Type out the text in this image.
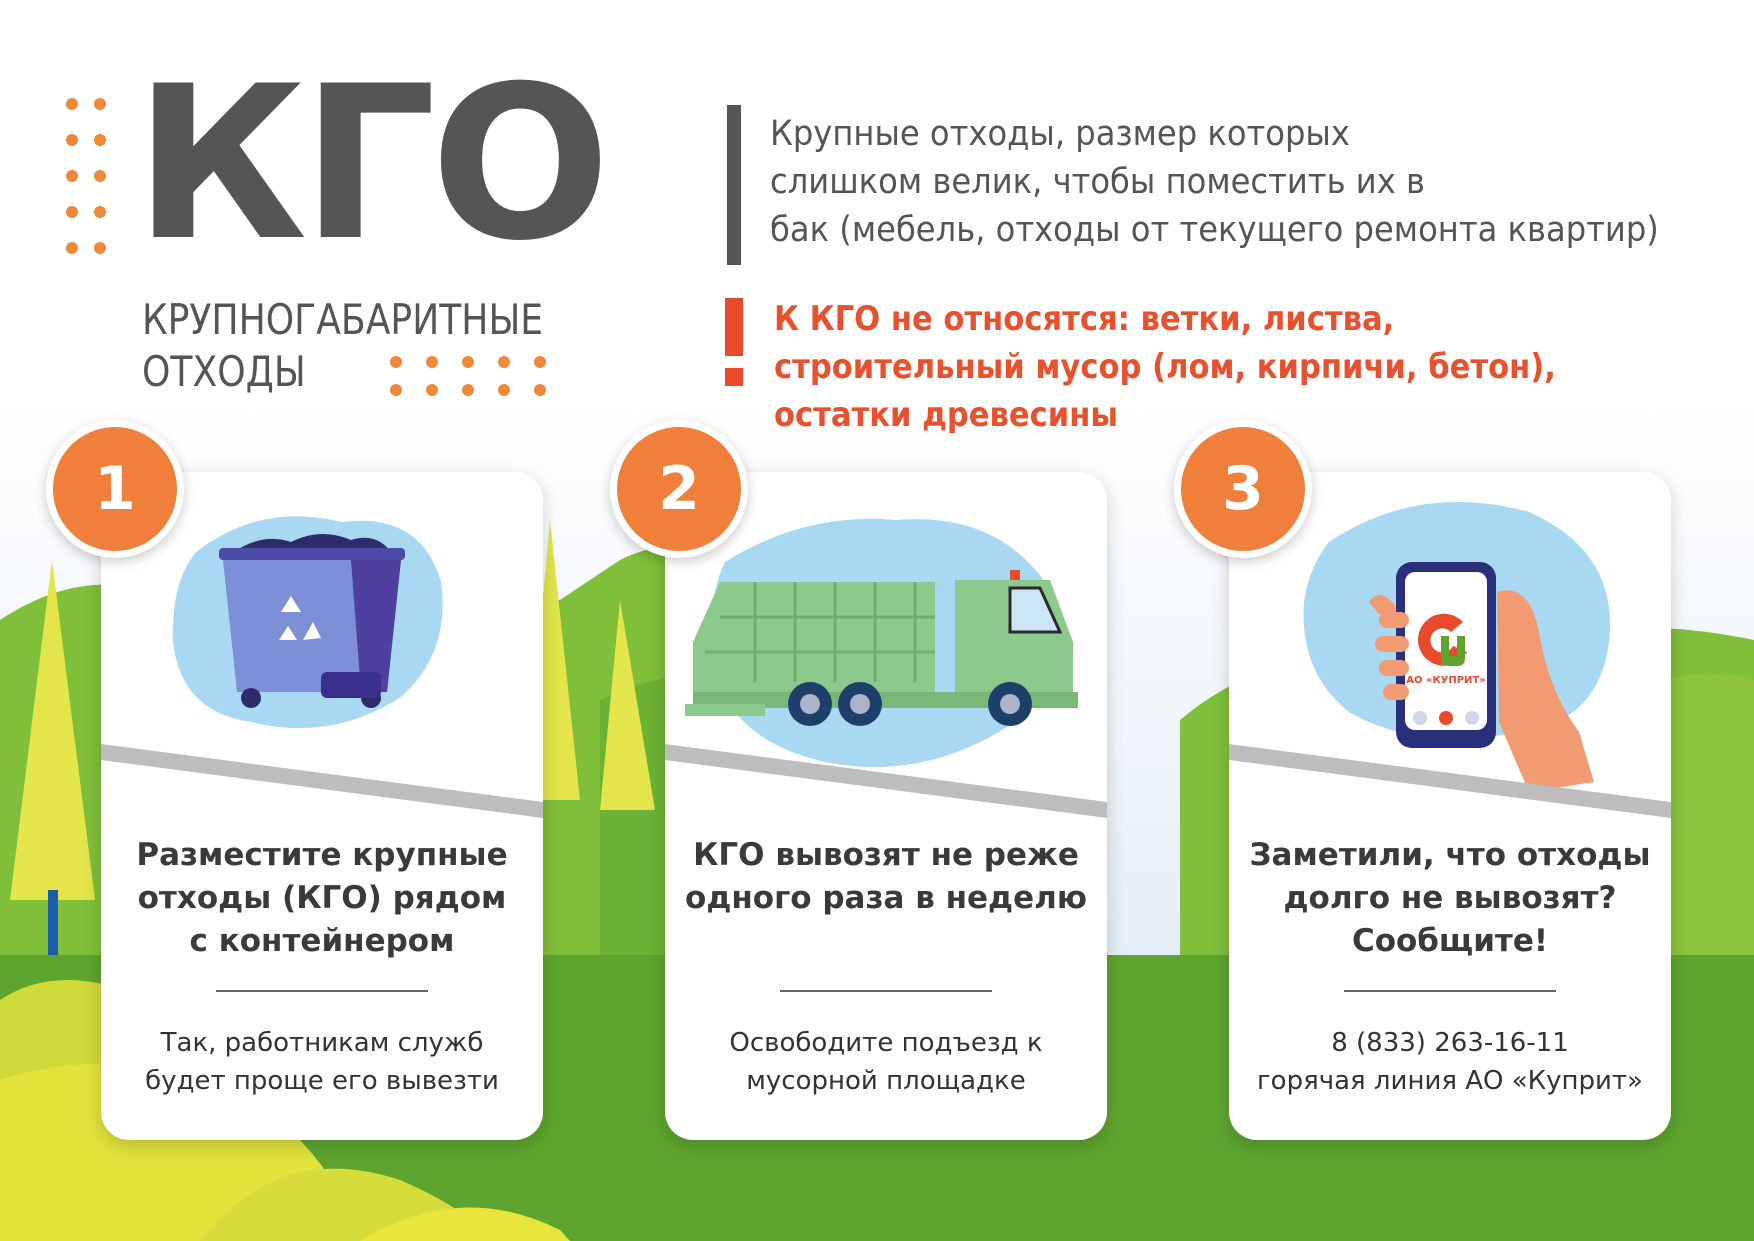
КГО
КРУПНОГАБАРИТНЫЕ
ОТХОДЫ
Крупные отходы, размер которых
слишком велик, чтобы поместить их в
бак (мебель, отходы от текущего ремонта квартир)
К КГО не относятся: ветки, листва,
строительный мусор (лом, кирпичи, бетон),
остатки древесины
Разместите крупные
отходы (КГО) рядом
с контейнером
Так, работникам служб
будет проще его вывезти
КГО вывозят не реже
одного раза в неделю
Освободите подъезд к
мусорной площадке
АО «КУПРИТ»
Заметили, что отходы
долго не вывозят?
Сообщите!
8 (833) 263-16-11
горячая линия АО «Куприт»
1	2	3
